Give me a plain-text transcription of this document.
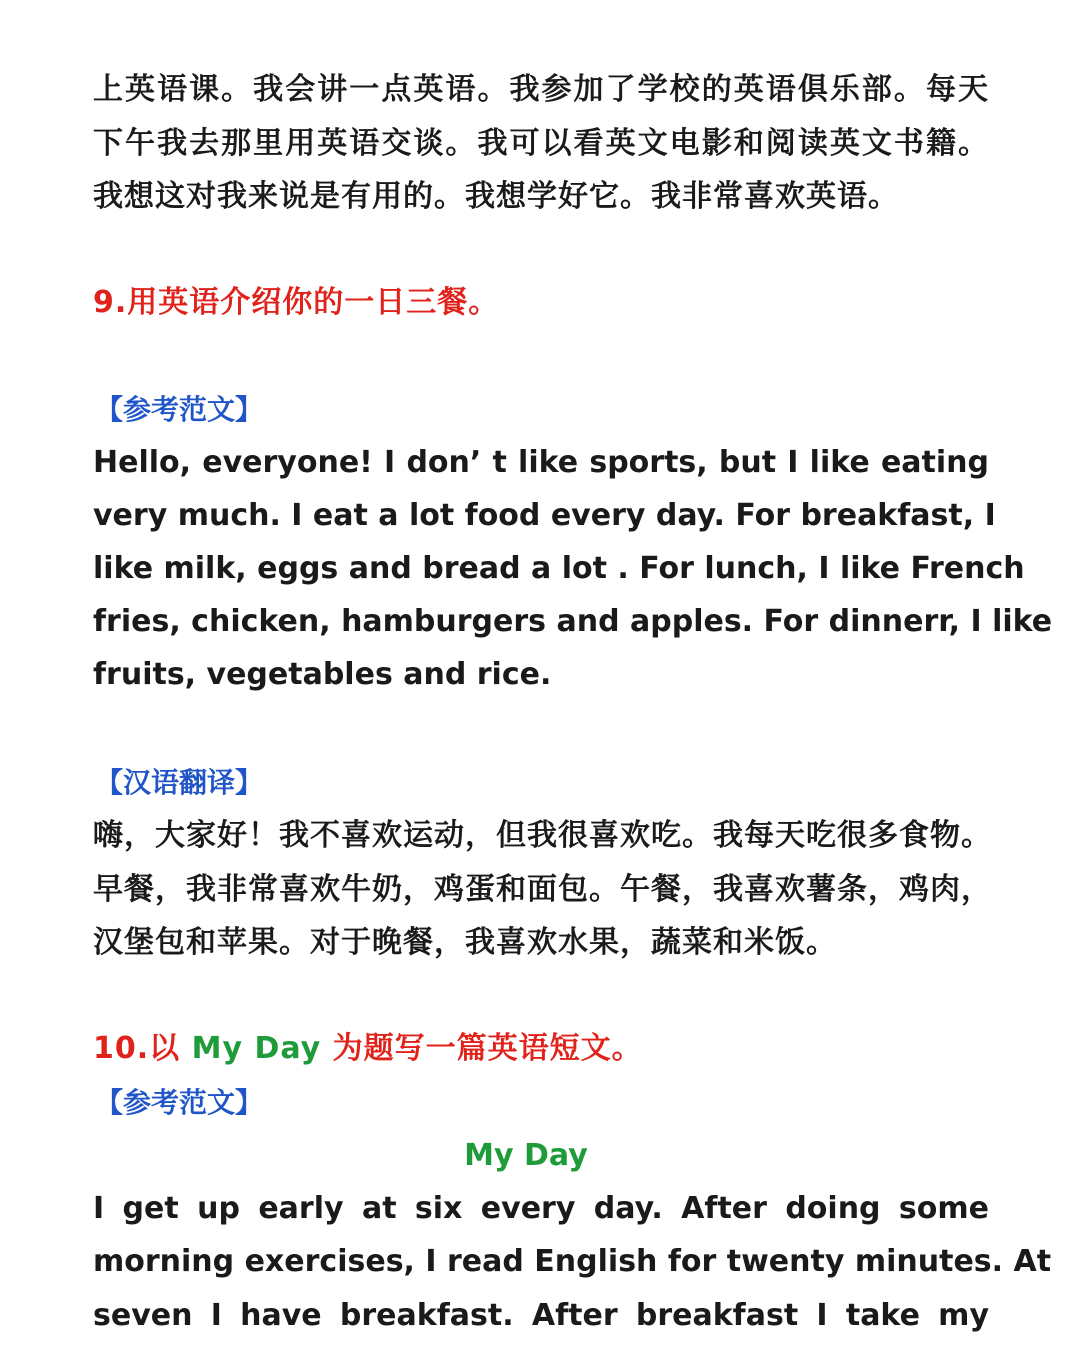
上英语课。我会讲一点英语。我参加了学校的英语俱乐部。每天
下午我去那里用英语交谈。我可以看英文电影和阅读英文书籍。
我想这对我来说是有用的。我想学好它。我非常喜欢英语。
9.用英语介绍你的一日三餐。
【参考范文】
Hello, everyone! I don’ t like sports, but I like eating
very much. I eat a lot food every day. For breakfast, I
like milk, eggs and bread a lot . For lunch, I like French
fries, chicken, hamburgers and apples. For dinnerr, I like
fruits, vegetables and rice.
【汉语翻译】
嗨，大家好！我不喜欢运动，但我很喜欢吃。我每天吃很多食物。
早餐，我非常喜欢牛奶，鸡蛋和面包。午餐，我喜欢薯条，鸡肉，
汉堡包和苹果。对于晚餐，我喜欢水果，蔬菜和米饭。
10.以 My Day 为题写一篇英语短文。
【参考范文】
My Day
I get up early at six every day. After doing some
morning exercises, I read English for twenty minutes. At
seven I have breakfast. After breakfast I take my
